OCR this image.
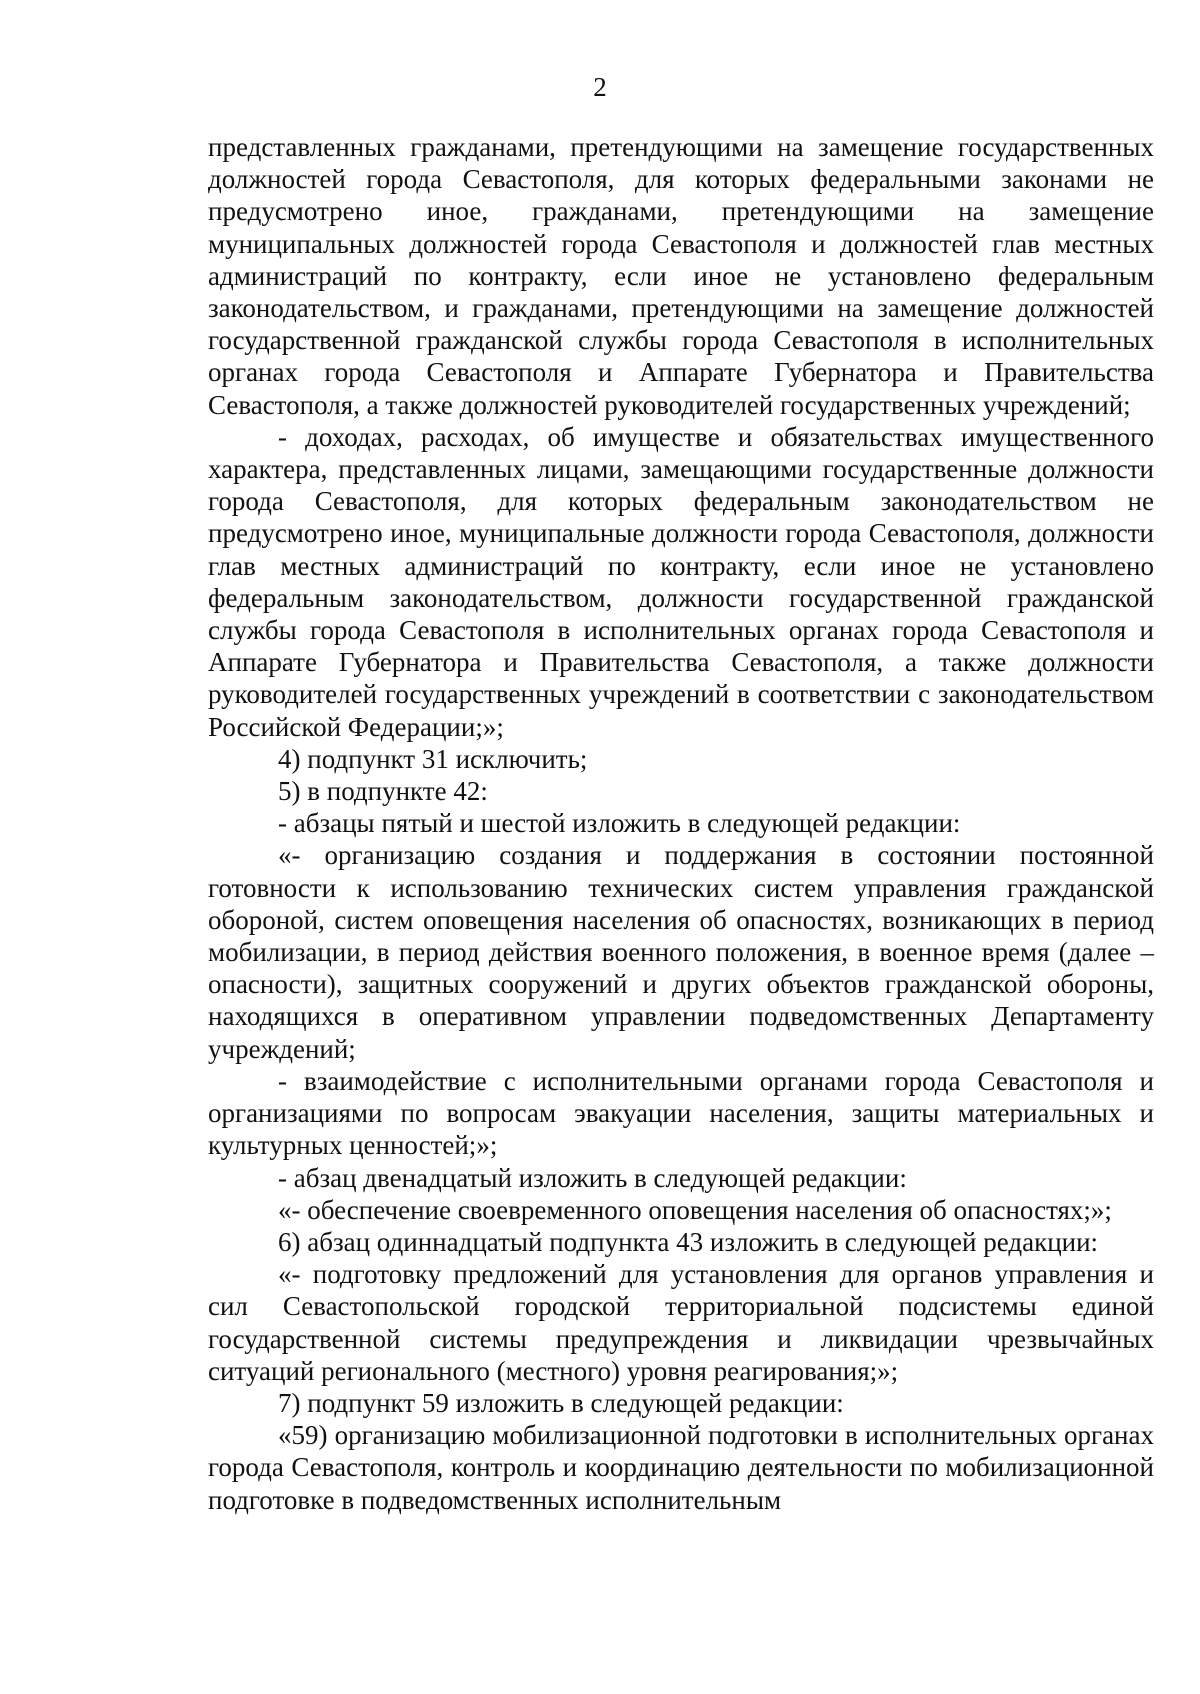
2

представленных гражданами, претендующими на замещение государственных должностей города Севастополя, для которых федеральными законами не предусмотрено иное, гражданами, претендующими на замещение муниципальных должностей города Севастополя и должностей глав местных администраций по контракту, если иное не установлено федеральным законодательством, и гражданами, претендующими на замещение должностей государственной гражданской службы города Севастополя в исполнительных органах города Севастополя и Аппарате Губернатора и Правительства Севастополя, а также должностей руководителей государственных учреждений;

- доходах, расходах, об имуществе и обязательствах имущественного характера, представленных лицами, замещающими государственные должности города Севастополя, для которых федеральным законодательством не предусмотрено иное, муниципальные должности города Севастополя, должности глав местных администраций по контракту, если иное не установлено федеральным законодательством, должности государственной гражданской службы города Севастополя в исполнительных органах города Севастополя и Аппарате Губернатора и Правительства Севастополя, а также должности руководителей государственных учреждений в соответствии с законодательством Российской Федерации;»;

4) подпункт 31 исключить;

5) в подпункте 42:

- абзацы пятый и шестой изложить в следующей редакции:

«- организацию создания и поддержания в состоянии постоянной готовности к использованию технических систем управления гражданской обороной, систем оповещения населения об опасностях, возникающих в период мобилизации, в период действия военного положения, в военное время (далее – опасности), защитных сооружений и других объектов гражданской обороны, находящихся в оперативном управлении подведомственных Департаменту учреждений;

- взаимодействие с исполнительными органами города Севастополя и организациями по вопросам эвакуации населения, защиты материальных и культурных ценностей;»;

- абзац двенадцатый изложить в следующей редакции:

«- обеспечение своевременного оповещения населения об опасностях;»;

6) абзац одиннадцатый подпункта 43 изложить в следующей редакции:

«- подготовку предложений для установления для органов управления и сил Севастопольской городской территориальной подсистемы единой государственной системы предупреждения и ликвидации чрезвычайных ситуаций регионального (местного) уровня реагирования;»;

7) подпункт 59 изложить в следующей редакции:

«59) организацию мобилизационной подготовки в исполнительных органах города Севастополя, контроль и координацию деятельности по мобилизационной подготовке в подведомственных исполнительным
